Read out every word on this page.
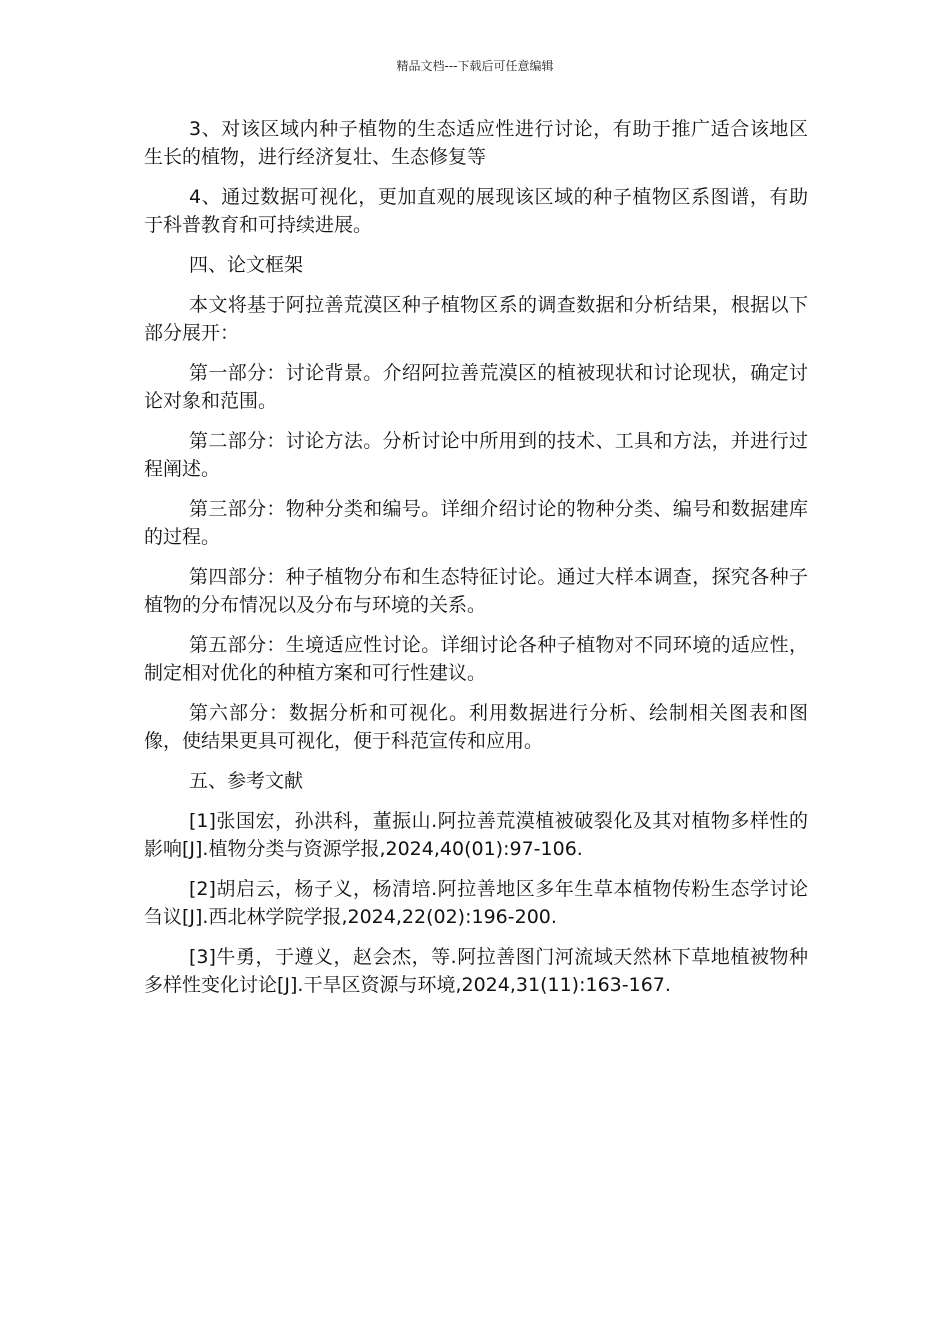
精品文档---下载后可任意编辑

3、对该区域内种子植物的生态适应性进行讨论，有助于推广适合该地区生长的植物，进行经济复壮、生态修复等

4、通过数据可视化，更加直观的展现该区域的种子植物区系图谱，有助于科普教育和可持续进展。

四、论文框架

本文将基于阿拉善荒漠区种子植物区系的调查数据和分析结果，根据以下部分展开：

第一部分：讨论背景。介绍阿拉善荒漠区的植被现状和讨论现状，确定讨论对象和范围。

第二部分：讨论方法。分析讨论中所用到的技术、工具和方法，并进行过程阐述。

第三部分：物种分类和编号。详细介绍讨论的物种分类、编号和数据建库的过程。

第四部分：种子植物分布和生态特征讨论。通过大样本调查，探究各种子植物的分布情况以及分布与环境的关系。

第五部分：生境适应性讨论。详细讨论各种子植物对不同环境的适应性，制定相对优化的种植方案和可行性建议。

第六部分：数据分析和可视化。利用数据进行分析、绘制相关图表和图像，使结果更具可视化，便于科范宣传和应用。

五、参考文献

[1]张国宏，孙洪科，董振山.阿拉善荒漠植被破裂化及其对植物多样性的影响[J].植物分类与资源学报,2024,40(01):97-106.

[2]胡启云，杨子义，杨清培.阿拉善地区多年生草本植物传粉生态学讨论刍议[J].西北林学院学报,2024,22(02):196-200.

[3]牛勇，于遵义，赵会杰，等.阿拉善图门河流域天然林下草地植被物种多样性变化讨论[J].干旱区资源与环境,2024,31(11):163-167.
